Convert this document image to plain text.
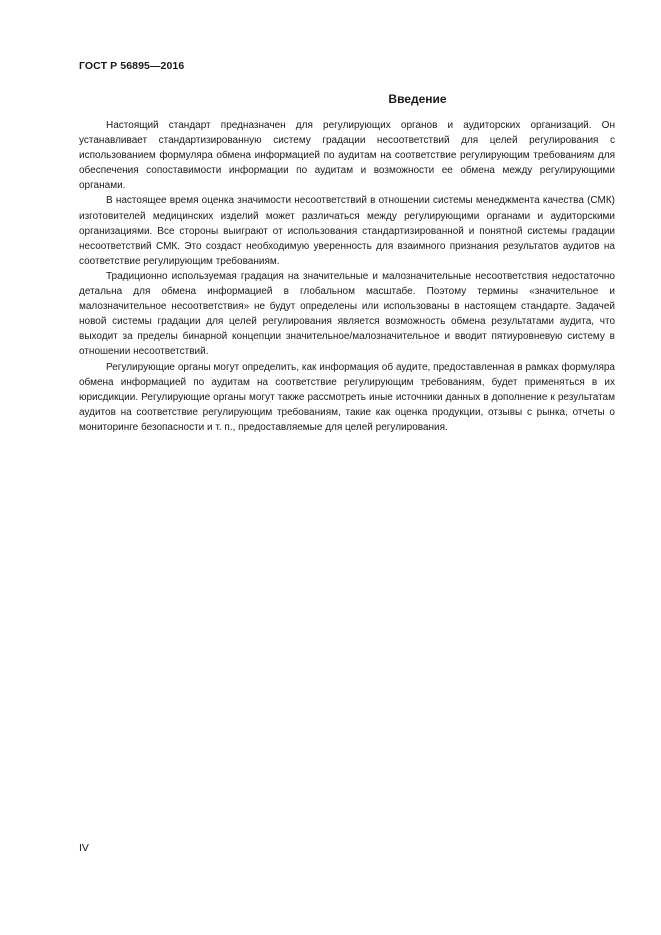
ГОСТ Р 56895—2016
Введение

Настоящий стандарт предназначен для регулирующих органов и аудиторских организаций. Он устанавливает стандартизированную систему градации несоответствий для целей регулирования с использованием формуляра обмена информацией по аудитам на соответствие регулирующим требованиям для обеспечения сопоставимости информации по аудитам и возможности ее обмена между регулирующими органами.

В настоящее время оценка значимости несоответствий в отношении системы менеджмента качества (СМК) изготовителей медицинских изделий может различаться между регулирующими органами и аудиторскими организациями. Все стороны выиграют от использования стандартизированной и понятной системы градации несоответствий СМК. Это создаст необходимую уверенность для взаимного признания результатов аудитов на соответствие регулирующим требованиям.

Традиционно используемая градация на значительные и малозначительные несоответствия недостаточно детальна для обмена информацией в глобальном масштабе. Поэтому термины «значительное и малозначительное несоответствия» не будут определены или использованы в настоящем стандарте. Задачей новой системы градации для целей регулирования является возможность обмена результатами аудита, что выходит за пределы бинарной концепции значительное/малозначительное и вводит пятиуровневую систему в отношении несоответствий.

Регулирующие органы могут определить, как информация об аудите, предоставленная в рамках формуляра обмена информацией по аудитам на соответствие регулирующим требованиям, будет применяться в их юрисдикции. Регулирующие органы могут также рассмотреть иные источники данных в дополнение к результатам аудитов на соответствие регулирующим требованиям, такие как оценка продукции, отзывы с рынка, отчеты о мониторинге безопасности и т. п., предоставляемые для целей регулирования.

IV
